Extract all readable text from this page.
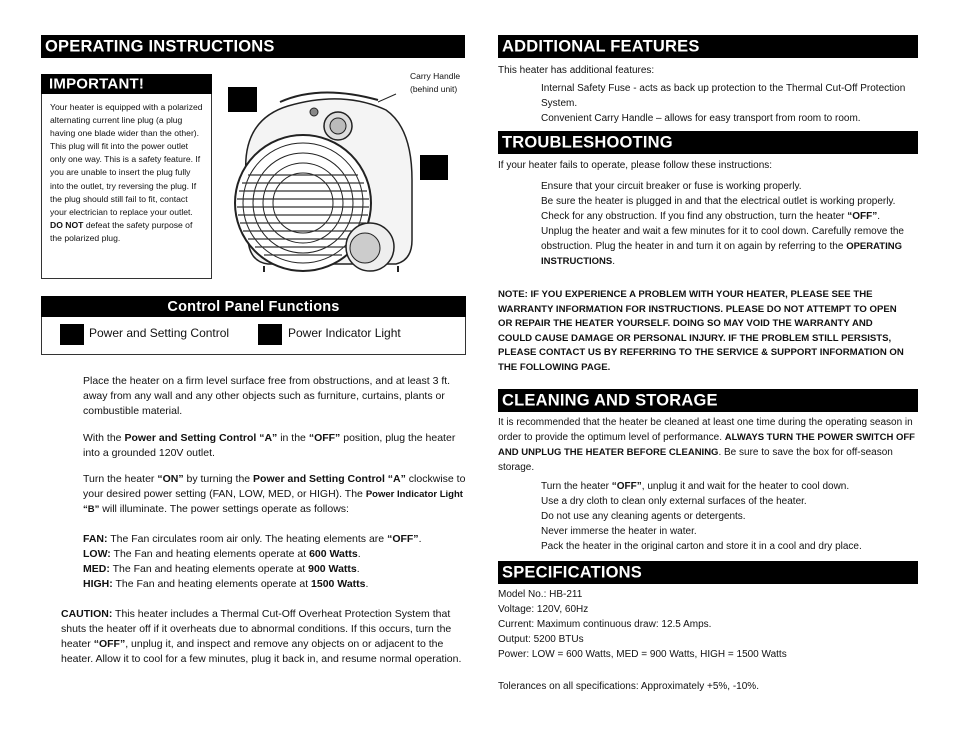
OPERATING INSTRUCTIONS
IMPORTANT!
Your heater is equipped with a polarized alternating current line plug (a plug having one blade wider than the other). This plug will fit into the power outlet only one way. This is a safety feature. If you are unable to insert the plug fully into the outlet, try reversing the plug. If the plug should still fail to fit, contact your electrician to replace your outlet. DO NOT defeat the safety purpose of the polarized plug.
Carry Handle
(behind unit)
Control Panel Functions
Power and Setting Control	Power Indicator Light
Place the heater on a firm level surface free from obstructions, and at least 3 ft. away from any wall and any other objects such as furniture, curtains, plants or combustible material.
With the Power and Setting Control “A” in the “OFF” position, plug the heater into a grounded 120V outlet.
Turn the heater “ON” by turning the Power and Setting Control “A” clockwise to your desired power setting (FAN, LOW, MED, or HIGH). The Power Indicator Light “B” will illuminate. The power settings operate as follows:
FAN: The Fan circulates room air only. The heating elements are “OFF”.
LOW: The Fan and heating elements operate at 600 Watts.
MED: The Fan and heating elements operate at 900 Watts.
HIGH: The Fan and heating elements operate at 1500 Watts.
CAUTION: This heater includes a Thermal Cut-Off Overheat Protection System that shuts the heater off if it overheats due to abnormal conditions. If this occurs, turn the heater “OFF”, unplug it, and inspect and remove any objects on or adjacent to the heater. Allow it to cool for a few minutes, plug it back in, and resume normal operation.
ADDITIONAL FEATURES
This heater has additional features:
Internal Safety Fuse - acts as back up protection to the Thermal Cut-Off Protection System.
Convenient Carry Handle – allows for easy transport from room to room.
TROUBLESHOOTING
If your heater fails to operate, please follow these instructions:
Ensure that your circuit breaker or fuse is working properly.
Be sure the heater is plugged in and that the electrical outlet is working properly.
Check for any obstruction. If you find any obstruction, turn the heater “OFF”.
Unplug the heater and wait a few minutes for it to cool down. Carefully remove the obstruction. Plug the heater in and turn it on again by referring to the OPERATING INSTRUCTIONS.
NOTE: IF YOU EXPERIENCE A PROBLEM WITH YOUR HEATER, PLEASE SEE THE WARRANTY INFORMATION FOR INSTRUCTIONS. PLEASE DO NOT ATTEMPT TO OPEN OR REPAIR THE HEATER YOURSELF. DOING SO MAY VOID THE WARRANTY AND COULD CAUSE DAMAGE OR PERSONAL INJURY. IF THE PROBLEM STILL PERSISTS, PLEASE CONTACT US BY REFERRING TO THE SERVICE & SUPPORT INFORMATION ON THE FOLLOWING PAGE.
CLEANING AND STORAGE
It is recommended that the heater be cleaned at least one time during the operating season in order to provide the optimum level of performance. ALWAYS TURN THE POWER SWITCH OFF AND UNPLUG THE HEATER BEFORE CLEANING. Be sure to save the box for off-season storage.
Turn the heater “OFF”, unplug it and wait for the heater to cool down.
Use a dry cloth to clean only external surfaces of the heater.
Do not use any cleaning agents or detergents.
Never immerse the heater in water.
Pack the heater in the original carton and store it in a cool and dry place.
SPECIFICATIONS
Model No.: HB-211
Voltage: 120V, 60Hz
Current: Maximum continuous draw: 12.5 Amps.
Output: 5200 BTUs
Power: LOW = 600 Watts, MED = 900 Watts, HIGH = 1500 Watts
Tolerances on all specifications: Approximately +5%, -10%.
